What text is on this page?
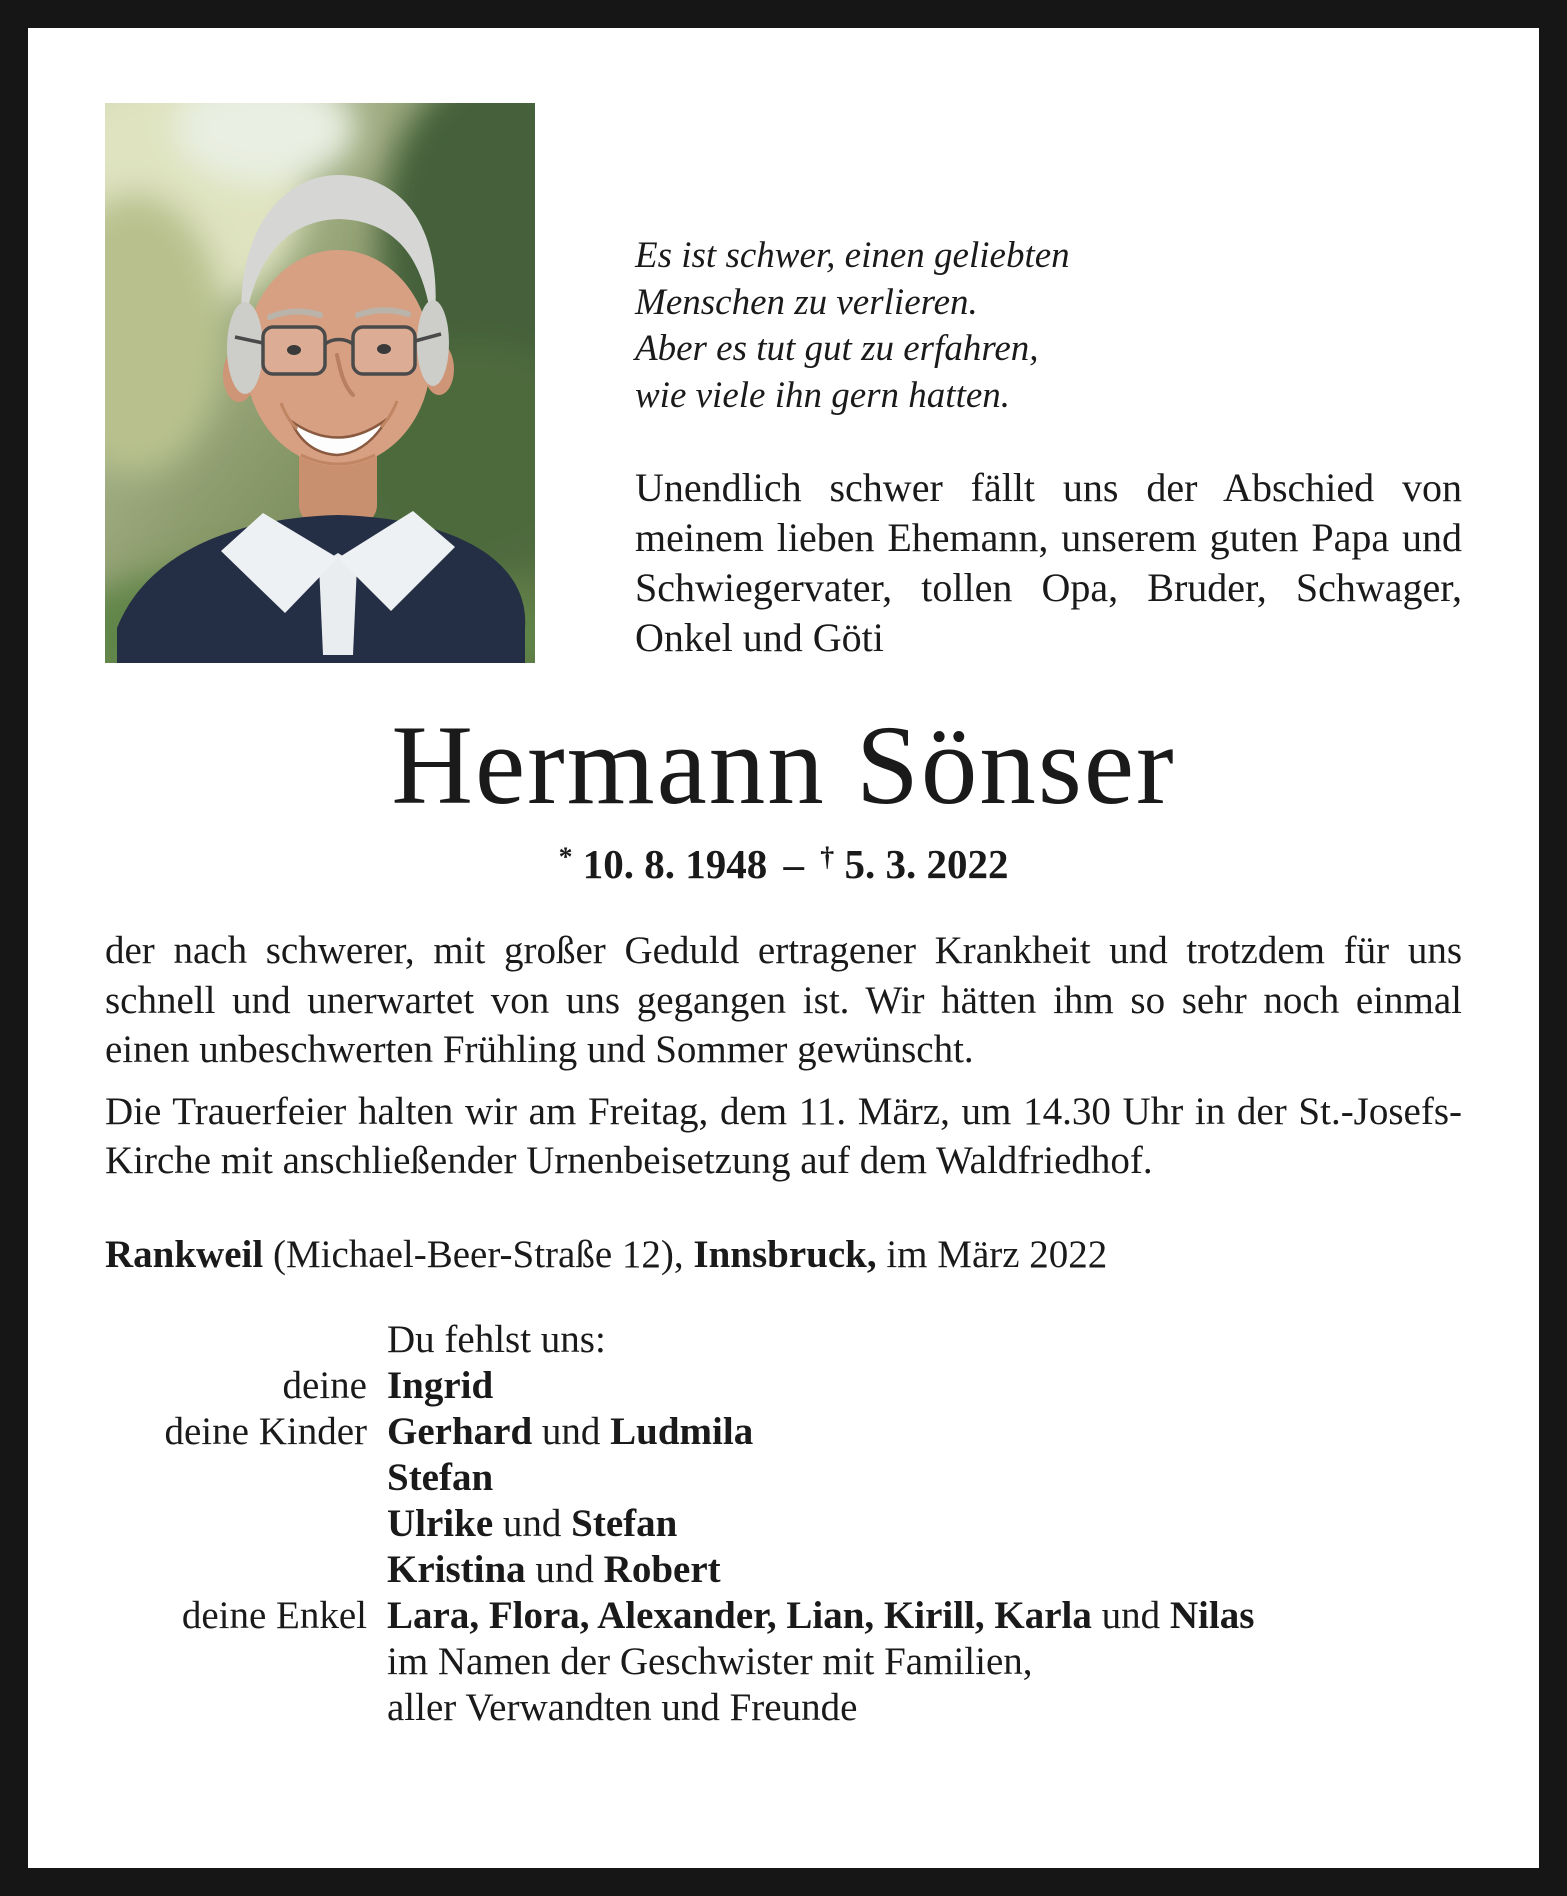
Es ist schwer, einen geliebten
Menschen zu verlieren.
Aber es tut gut zu erfahren,
wie viele ihn gern hatten.
Unendlich schwer fällt uns der Abschied von meinem lieben Ehemann, unserem guten Papa und Schwiegervater, tollen Opa, Bruder, Schwager, Onkel und Göti
Hermann Sönser
* 10. 8. 1948 – † 5. 3. 2022

der nach schwerer, mit großer Geduld ertragener Krankheit und trotzdem für uns schnell und unerwartet von uns gegangen ist. Wir hätten ihm so sehr noch einmal einen unbeschwerten Frühling und Sommer gewünscht.

Die Trauerfeier halten wir am Freitag, dem 11. März, um 14.30 Uhr in der St.-Josefs-Kirche mit anschließender Urnenbeisetzung auf dem Waldfriedhof.

Rankweil (Michael-Beer-Straße 12), Innsbruck, im März 2022

Du fehlst uns:
deine Ingrid
deine Kinder Gerhard und Ludmila
Stefan
Ulrike und Stefan
Kristina und Robert
deine Enkel Lara, Flora, Alexander, Lian, Kirill, Karla und Nilas
im Namen der Geschwister mit Familien,
aller Verwandten und Freunde
